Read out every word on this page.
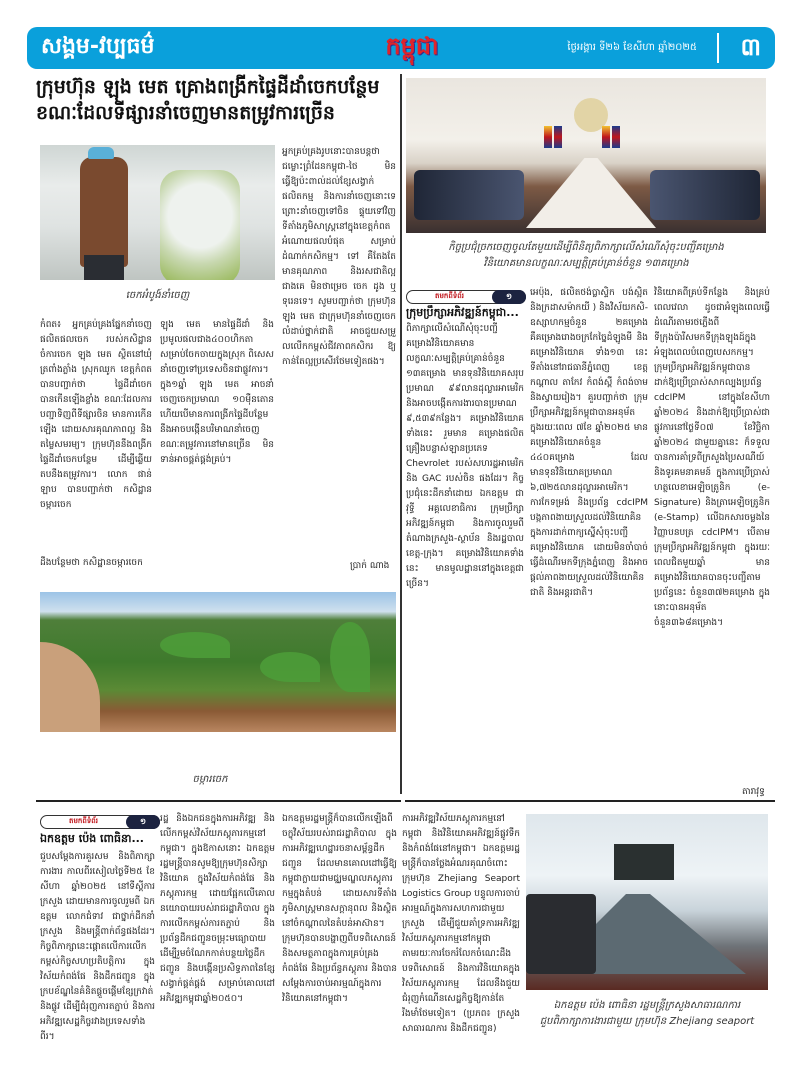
សង្គម-វប្បធម៌	កម្ពុជា	ថ្ងៃអង្គារ ទី២៦ ខែសីហា ឆ្នាំ២០២៥ ៣
ក្រុមហ៊ុន ឡុង មេត គ្រោងពង្រីកផ្ទៃដីដាំចេកបន្ថែម
ខណៈដែលទីផ្សារនាំចេញមានតម្រូវការច្រើន
ចេកអំបូង៍នាំចេញ
កំពត៖ អ្នកគ្រប់គ្រងផ្នែកនាំចេញផលិតផលចេក របស់កសិដ្ឋានចំការចេក ឡុង មេត ស្ថិតនៅឃុំត្រពាំងភ្លាំង ស្រុកឈូក ខេត្តកំពត បានបញ្ជាក់ថា ផ្ទៃដីដាំចេក បានកើនឡើងខ្លាំង ខណៈដែលការបញ្ជាទិញពីទីផ្សារចិន មានការកើនឡើង ដោយសារគុណភាពល្អ និងតម្លៃសមរម្យ។ ក្រុមហ៊ុននឹងពង្រីកផ្ទៃដីដាំចេកបន្ថែម ដើម្បីឆ្លើយតបនឹងតម្រូវការ។ លោក ផាន់ ឡាប បានបញ្ជាក់ថា កសិដ្ឋានចម្ការចេក
ដឹងបន្ថែមថា កសិដ្ឋានចម្ការចេក
ឡុង មេត មានផ្ទៃដីដាំ និងប្រមូលផលជាង៤០០ហិកតា សម្រាប់ចែកចាយក្នុងស្រុក ពិសេសនាំចេញទៅប្រទេសចិនជាផ្លូវការ។ ក្នុង១ឆ្នាំ ឡុង មេត អាចនាំចេញចេកប្រមាណ ១០ម៉ឺនតោន ហើយបើមានការពង្រីកផ្ទៃដីបន្ថែម នឹងអាចបង្កើនបរិមាណនាំចេញ ខណៈតម្រូវការនៅមានច្រើន មិនទាន់អាចផ្គត់ផ្គង់គ្រប់។
អ្នកគ្រប់គ្រងរូបនោះបានបន្តថា ជម្លោះព្រំដែនកម្ពុជា-ថៃ មិនធ្វើឱ្យប៉ះពាល់ដល់ខ្សែសង្វាក់ផលិតកម្ម និងការនាំចេញនោះទេ ព្រោះនាំចេញទៅចិន ផ្ទុយទៅវិញទីតាំងភូមិសាស្ត្រនៅក្នុងខេត្តកំពត អំណោយផលបំផុត សម្រាប់ដំណាក់កសិកម្ម។ ទៅ គឺតែងតែមានគុណភាព និងរសជាតិល្អជាងគេ មិនថាម្រេច ចេក ដូង ឬទុរេនទេ។ សូមបញ្ជាក់ថា ក្រុមហ៊ុន ឡុង មេត ជាក្រុមហ៊ុននាំចេញចេកលំដាប់ថ្នាក់ជាតិ អាចជួយសម្រួលលើកកម្ពស់ជីវភាពកសិករ ឱ្យកាន់តែល្អប្រសើរថែមទៀតផង។
ប្រាក់ ណាង
ចម្ការចេក
កិច្ចប្រជុំច្រកចេញចូលតែមួយដើម្បីពិនិត្យពិភាក្សាលើសំណើសុំចុះបញ្ជីគម្រោង
វិនិយោគមានលក្ខណៈសម្បត្តិគ្រប់គ្រាន់ចំនួន ១៣គម្រោង
តមកពីទំព័រ	១
ក្រុមប្រឹក្សាអភិវឌ្ឍន៍កម្ពុជា...
ពិភាក្សាលើសំណើសុំចុះបញ្ជីគម្រោងវិនិយោគមានលក្ខណៈសម្បត្តិគ្រប់គ្រាន់ចំនួន ១៣គម្រោង មានទុនវិនិយោគសរុបប្រមាណ ៩៩លានដុល្លារអាមេរិក និងអាចបង្កើតការងារបានប្រមាណ ៩,៥៣៩កន្លែង។ គម្រោងវិនិយោគទាំងនេះ រួមមាន គម្រោងផលិតគ្រឿងបន្លាស់ឡានប្រភេទ Chevrolet របស់សហរដ្ឋអាមេរិក និង GAC របស់ចិន ផងដែរ។ កិច្ចប្រជុំនេះដឹកនាំដោយ ឯកឧត្តម ជា វុទ្ធី អគ្គលេខាធិការ ក្រុមប្រឹក្សាអភិវឌ្ឍន៍កម្ពុជា និងការចូលរួមពីតំណាងក្រសួង-ស្ថាប័ន និងរដ្ឋបាលខេត្ត-ក្រុង។ គម្រោងវិនិយោគទាំងនេះ មានមូលដ្ឋាននៅក្នុងខេត្តជាច្រើន។
អេប៉ុង, ផលិតថង់ប្លាស្ទិក បង់ស្អិត និងក្រដាសម៉ាកយី ) និងវិស័យកសិ-ឧស្សាហកម្មចំនួន ២គម្រោង គឺគម្រោងរោងចក្រកែច្នៃដំឡូងមី និងគម្រោងវិនិយោគ ទាំង១៣ នេះ ទីតាំងនៅរាជធានីភ្នំពេញ ខេត្តកណ្ដាល តាកែវ កំពង់ស្ពឺ កំពង់ចាម និងស្វាយរៀង។ គួរបញ្ជាក់ថា ក្រុមប្រឹក្សាអភិវឌ្ឍន៍កម្ពុជាបានអនុម័តក្នុងរយៈពេល ៧ខែ ឆ្នាំ២០២៥ មានគម្រោងវិនិយោគចំនួន ៤៤០គម្រោង ដែលមានទុនវិនិយោគប្រមាណ ៦,៧២៥លានដុល្លារអាមេរិក។ ការកែទម្រង់ និងប្រព័ន្ធ cdcIPM បង្កភាពងាយស្រួលដល់វិនិយោគិន ក្នុងការដាក់ពាក្យស្នើសុំចុះបញ្ជីគម្រោងវិនិយោគ ដោយមិនចាំបាច់ធ្វើដំណើរមកទីក្រុងភ្នំពេញ និងអាចផ្ដល់ភាពងាយស្រួលដល់វិនិយោគិនជាតិ និងអន្តរជាតិ។
វិនិយោគពីគ្រប់ទីកន្លែង និងគ្រប់ពេលវេលា ដូចជាអំឡុងពេលធ្វើដំណើរតាមរថភ្លើងពីទីក្រុងប៉ារីសមកទីក្រុងឡុងដ៍ក្នុងអំឡុងពេលបំពេញបេសកកម្ម។ ក្រុមប្រឹក្សាអភិវឌ្ឍន៍កម្ពុជាបានដាក់ឱ្យប្រើប្រាស់សាកល្បងប្រព័ន្ធ cdcIPM នៅក្នុងខែសីហា ឆ្នាំ២០២៤ និងដាក់ឱ្យប្រើប្រាស់ជាផ្លូវការនៅថ្ងៃទី០៧ ខែវិច្ឆិកា ឆ្នាំ២០២៤ ជាមួយគ្នានេះ ក៏ទទួលបានការគាំទ្រពីក្រសួងប្រៃសណីយ៍ និងទូរគមនាគមន៍ ក្នុងការប្រើប្រាស់ហត្ថលេខាអេឡិចត្រូនិក (e-Signature) និងត្រាអេឡិចត្រូនិក (e-Stamp) លើឯកសារចម្លងនៃវិញ្ញាបនបត្រ cdcIPM។ បើតាមក្រុមប្រឹក្សាអភិវឌ្ឍន៍កម្ពុជា ក្នុងរយៈពេលជិតមួយឆ្នាំ មានគម្រោងវិនិយោគបានចុះបញ្ជីតាមប្រព័ន្ធនេះ ចំនួន៣៧២គម្រោង ក្នុងនោះបានអនុម័តចំនួន៣៦៨គម្រោង។
តារាវុទ្ធ
តមកពីទំព័រ	១
ឯកឧត្តម ប៉េង ពោធិនា...
ជួបសម្ដែងការគួរសម និងពិភាក្សាការងារ កាលពីរសៀលថ្ងៃទី២៥ ខែសីហា ឆ្នាំ២០២៥ នៅទីស្ដីការក្រសួង ដោយមានការចូលរួមពី ឯកឧត្តម លោកជំទាវ ជាថ្នាក់ដឹកនាំក្រសួង និងមន្ត្រីពាក់ព័ន្ធផងដែរ។ កិច្ចពិភាក្សានេះផ្ដោតលើការលើកកម្ពស់កិច្ចសហប្រតិបត្តិការ ក្នុងវិស័យកំពង់ផែ និងដឹកជញ្ជូន ក្នុងក្របខ័ណ្ឌនៃគំនិតផ្ដួចផ្ដើមខ្សែក្រវាត់ និងផ្លូវ ដើម្បីជំរុញការតភ្ជាប់ និងការអភិវឌ្ឍសេដ្ឋកិច្ចរវាងប្រទេសទាំងពីរ។
រដ្ឋ និងឯកជនក្នុងការអភិវឌ្ឍ និងលើកកម្ពស់វិស័យភស្តុភារកម្មនៅកម្ពុជា។ ក្នុងឱកាសនោះ ឯកឧត្តមរដ្ឋមន្ត្រីបានសូមឱ្យក្រុមហ៊ុនសិក្សាវិនិយោគ ក្នុងវិស័យកំពង់ផែ និងភស្តុភារកម្ម ដោយផ្អែកលើគោលនយោបាយរបស់រាជរដ្ឋាភិបាល ក្នុងការលើកកម្ពស់ការតភ្ជាប់ និងប្រព័ន្ធដឹកជញ្ជូនចម្រុះមធ្យោបាយ ដើម្បីរួមចំណែកកាត់បន្ថយថ្លៃដឹកជញ្ជូន និងបង្កើនប្រសិទ្ធភាពនៃខ្សែសង្វាក់ផ្គត់ផ្គង់ សម្រាប់គោលដៅអភិវឌ្ឍកម្ពុជាឆ្នាំ២០៥០។
ឯកឧត្តមរដ្ឋមន្ត្រីក៏បានលើកឡើងពីចក្ខុវិស័យរបស់រាជរដ្ឋាភិបាល ក្នុងការអភិវឌ្ឍហេដ្ឋារចនាសម្ព័ន្ធដឹកជញ្ជូន ដែលមានគោលដៅធ្វើឱ្យកម្ពុជាក្លាយជាមជ្ឈមណ្ឌលភស្តុភារកម្មក្នុងតំបន់ ដោយសារទីតាំងភូមិសាស្ត្រមានសក្ដានុពល និងស្ថិតនៅចំកណ្ដាលនៃតំបន់អាស៊ាន។ ក្រុមហ៊ុនបានបង្ហាញពីបទពិសោធន៍ និងសមត្ថភាពក្នុងការគ្រប់គ្រងកំពង់ផែ និងប្រព័ន្ធភស្តុភារ និងបានសម្ដែងការចាប់អារម្មណ៍ក្នុងការវិនិយោគនៅកម្ពុជា។
ការអភិវឌ្ឍវិស័យភស្តុភារកម្មនៅកម្ពុជា និងវិនិយោគអភិវឌ្ឍន៍ផ្លូវទឹក និងកំពង់ផែនៅកម្ពុជា។ ឯកឧត្តមរដ្ឋមន្ត្រីក៏បានថ្លែងអំណរគុណចំពោះក្រុមហ៊ុន Zhejiang Seaport Logistics Group បន្ទូលការចាប់អារម្មណ៍ក្នុងការសហការជាមួយក្រសួង ដើម្បីជួយគាំទ្រការអភិវឌ្ឍវិស័យភស្តុភារកម្មនៅកម្ពុជា តាមរយៈការចែករំលែកចំណេះដឹង បទពិសោធន៍ និងការវិនិយោគក្នុងវិស័យភស្តុភារកម្ម ដែលនឹងជួយជំរុញកំណើនសេដ្ឋកិច្ចឱ្យកាន់តែរឹងមាំថែមទៀត។ (ប្រភព៖ ក្រសួងសាធារណការ និងដឹកជញ្ជូន)
ឯកឧត្តម ប៉េង ពោធិនា រដ្ឋមន្ត្រីក្រសួងសាធារណការ
ជួបពិភាក្សាការងារជាមួយ ក្រុមហ៊ុន Zhejiang seaport
